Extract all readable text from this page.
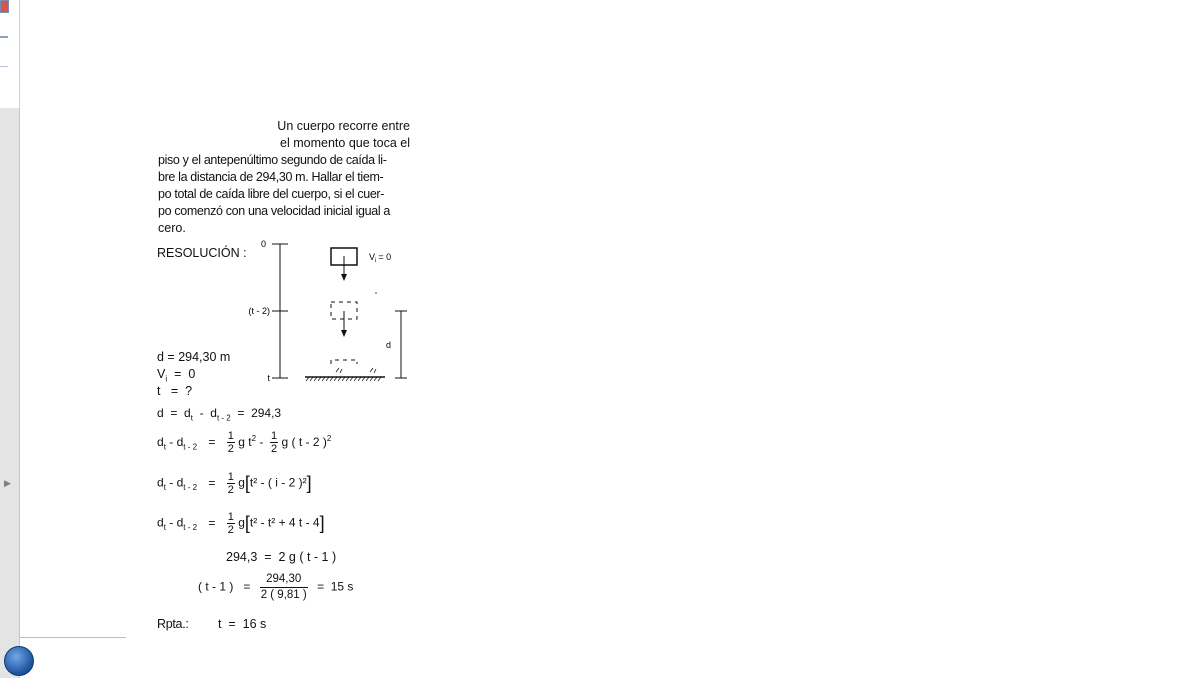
▶
Un cuerpo recorre entre
el momento que toca el
piso y el antepenúltimo segundo de caída li-
bre la distancia de 294,30 m. Hallar el tiem-
po total de caída libre del cuerpo, si el cuer-
po comenzó con una velocidad inicial igual a
cero.
RESOLUCIÓN :
0
(t - 2)
t
$V_i = 0$
d
d = 294,30 m
$V_i = 0$
t   =  ?
$d = d_t - d_{t - 2} = 294,3$
$d_t - d_{t - 2} = \frac{1}{2}$ g $t^2 - \frac{1}{2}$ g ( t - 2 )$^2$
$d_t - d_{t - 2} = \frac{1}{2} g[t^2$ - ( i - 2 )²]
$d_t - d_{t - 2} = \frac{1}{2} g[t^2 - t^2 + 4$ t - 4]
294,3  =  2 g ( t - 1 )
( t - 1 )   = $\frac{294,30}{2 ( 9,81 )} = 15$ s
Rpta.: t  =  16 s
